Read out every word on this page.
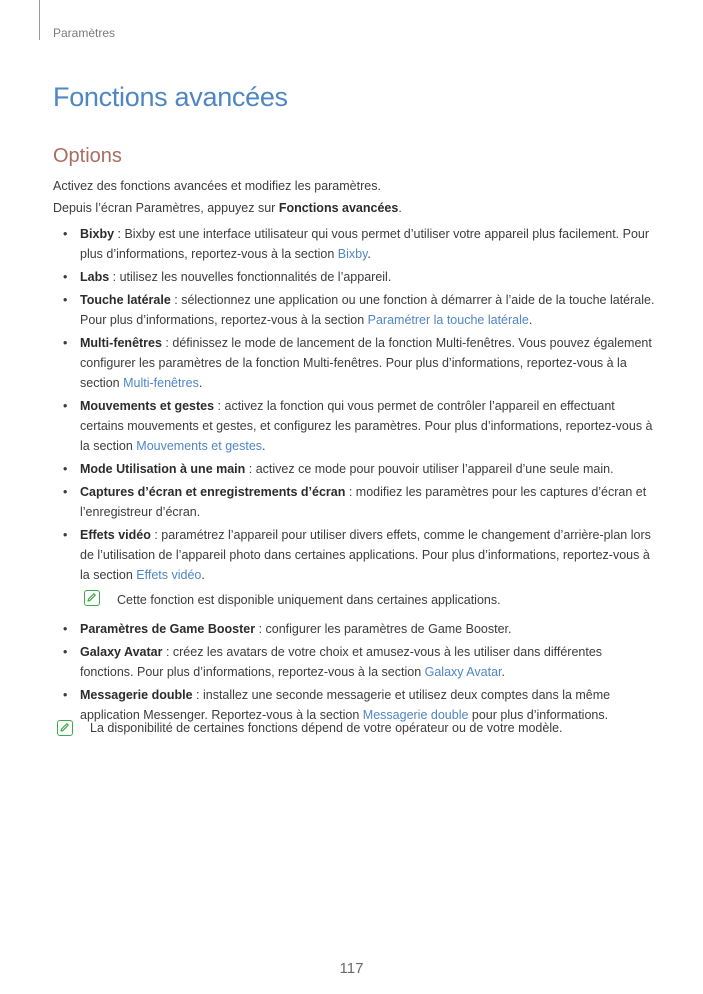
Paramètres
Fonctions avancées
Options
Activez des fonctions avancées et modifiez les paramètres.
Depuis l’écran Paramètres, appuyez sur Fonctions avancées.
• Bixby : Bixby est une interface utilisateur qui vous permet d’utiliser votre appareil plus facilement. Pour plus d’informations, reportez-vous à la section Bixby.
• Labs : utilisez les nouvelles fonctionnalités de l’appareil.
• Touche latérale : sélectionnez une application ou une fonction à démarrer à l’aide de la touche latérale. Pour plus d’informations, reportez-vous à la section Paramétrer la touche latérale.
• Multi-fenêtres : définissez le mode de lancement de la fonction Multi-fenêtres. Vous pouvez également configurer les paramètres de la fonction Multi-fenêtres. Pour plus d’informations, reportez-vous à la section Multi-fenêtres.
• Mouvements et gestes : activez la fonction qui vous permet de contrôler l’appareil en effectuant certains mouvements et gestes, et configurez les paramètres. Pour plus d’informations, reportez-vous à la section Mouvements et gestes.
• Mode Utilisation à une main : activez ce mode pour pouvoir utiliser l’appareil d’une seule main.
• Captures d’écran et enregistrements d’écran : modifiez les paramètres pour les captures d’écran et l’enregistreur d’écran.
• Effets vidéo : paramétrez l’appareil pour utiliser divers effets, comme le changement d’arrière-plan lors de l’utilisation de l’appareil photo dans certaines applications. Pour plus d’informations, reportez-vous à la section Effets vidéo.
Cette fonction est disponible uniquement dans certaines applications.
• Paramètres de Game Booster : configurer les paramètres de Game Booster.
• Galaxy Avatar : créez les avatars de votre choix et amusez-vous à les utiliser dans différentes fonctions. Pour plus d’informations, reportez-vous à la section Galaxy Avatar.
• Messagerie double : installez une seconde messagerie et utilisez deux comptes dans la même application Messenger. Reportez-vous à la section Messagerie double pour plus d’informations.
La disponibilité de certaines fonctions dépend de votre opérateur ou de votre modèle.
117
